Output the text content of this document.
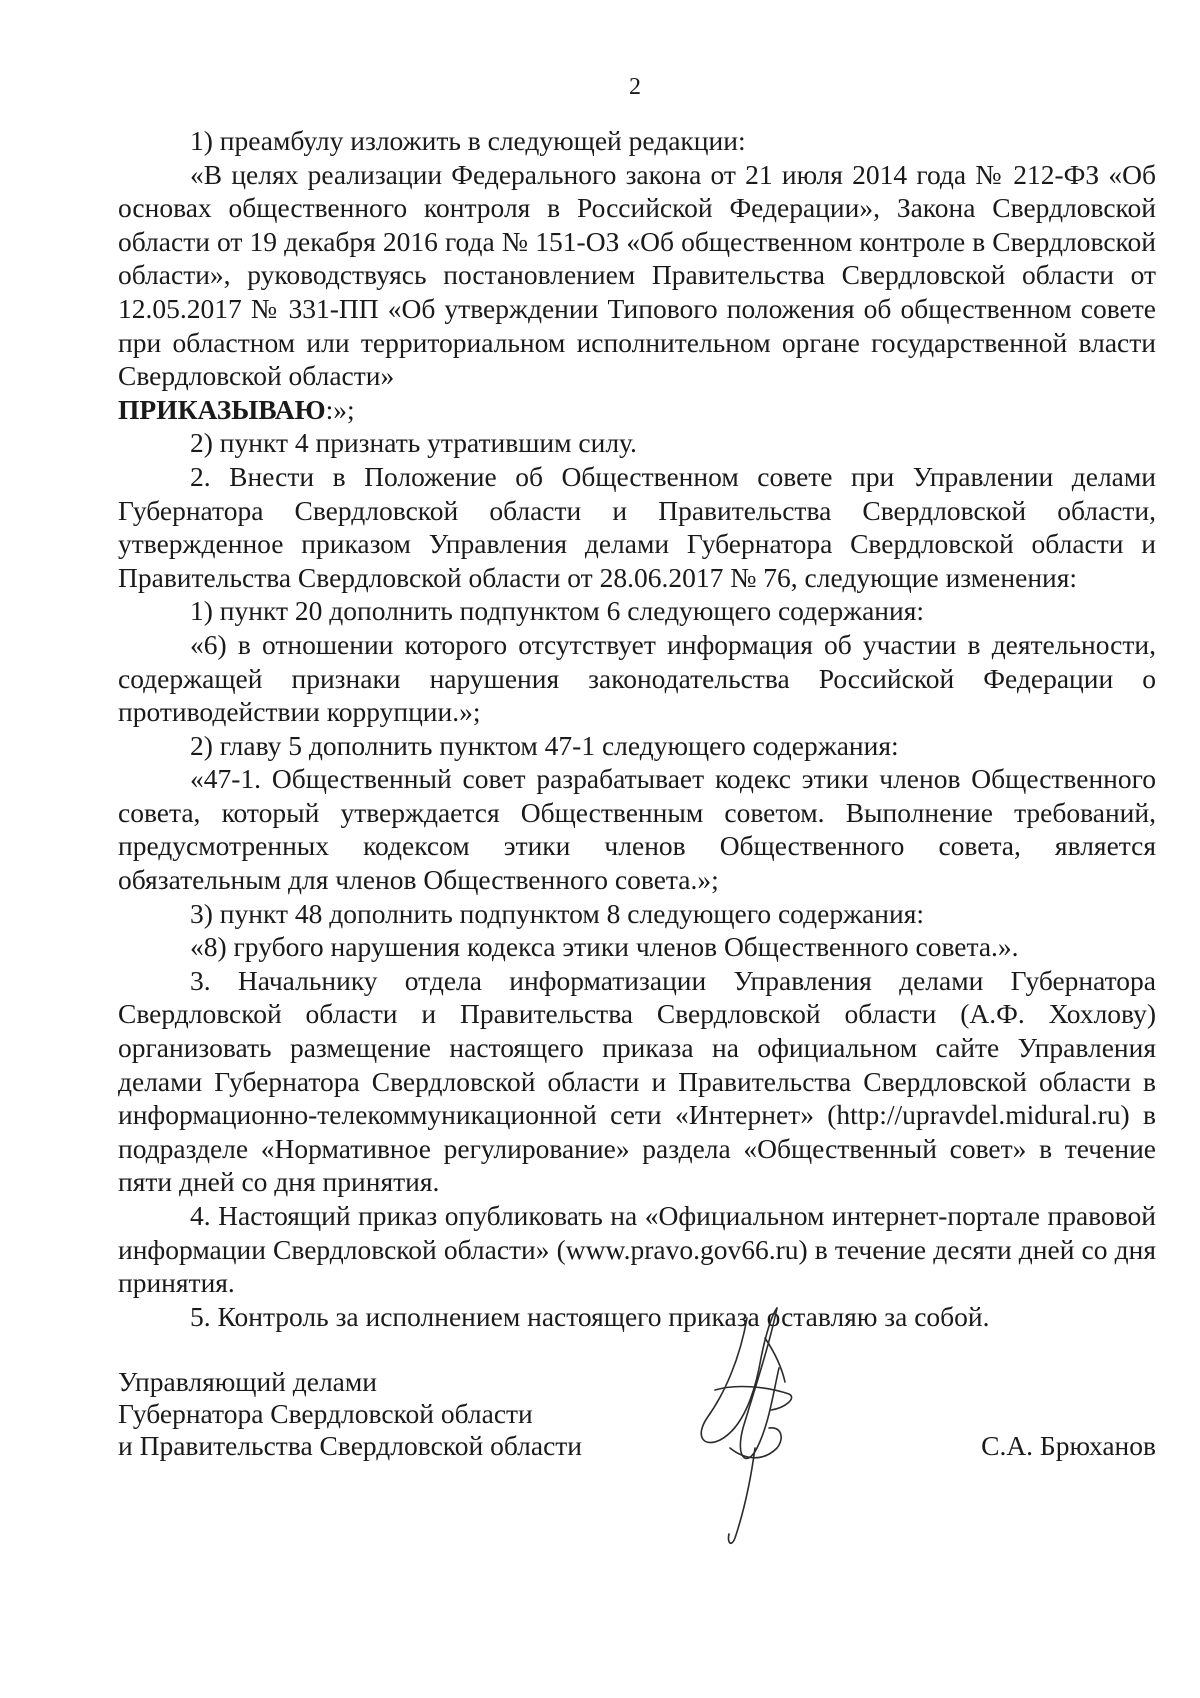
2

1) преамбулу изложить в следующей редакции:

«В целях реализации Федерального закона от 21 июля 2014 года № 212-ФЗ «Об основах общественного контроля в Российской Федерации», Закона Свердловской области от 19 декабря 2016 года № 151-ОЗ «Об общественном контроле в Свердловской области», руководствуясь постановлением Правительства Свердловской области от 12.05.2017 № 331-ПП «Об утверждении Типового положения об общественном совете при областном или территориальном исполнительном органе государственной власти Свердловской области»

ПРИКАЗЫВАЮ:»;

2) пункт 4 признать утратившим силу.

2. Внести в Положение об Общественном совете при Управлении делами Губернатора Свердловской области и Правительства Свердловской области, утвержденное приказом Управления делами Губернатора Свердловской области и Правительства Свердловской области от 28.06.2017 № 76, следующие изменения:

1) пункт 20 дополнить подпунктом 6 следующего содержания:

«6) в отношении которого отсутствует информация об участии в деятельности, содержащей признаки нарушения законодательства Российской Федерации о противодействии коррупции.»;

2) главу 5 дополнить пунктом 47-1 следующего содержания:

«47-1. Общественный совет разрабатывает кодекс этики членов Общественного совета, который утверждается Общественным советом. Выполнение требований, предусмотренных кодексом этики членов Общественного совета, является обязательным для членов Общественного совета.»;

3) пункт 48 дополнить подпунктом 8 следующего содержания:

«8) грубого нарушения кодекса этики членов Общественного совета.».

3. Начальнику отдела информатизации Управления делами Губернатора Свердловской области и Правительства Свердловской области (А.Ф. Хохлову) организовать размещение настоящего приказа на официальном сайте Управления делами Губернатора Свердловской области и Правительства Свердловской области в информационно-телекоммуникационной сети «Интернет» (http://upravdel.midural.ru) в подразделе «Нормативное регулирование» раздела «Общественный совет» в течение пяти дней со дня принятия.

4. Настоящий приказ опубликовать на «Официальном интернет-портале правовой информации Свердловской области» (www.pravo.gov66.ru) в течение десяти дней со дня принятия.

5. Контроль за исполнением настоящего приказа оставляю за собой.

Управляющий делами
Губернатора Свердловской области
и Правительства Свердловской области	С.А. Брюханов
